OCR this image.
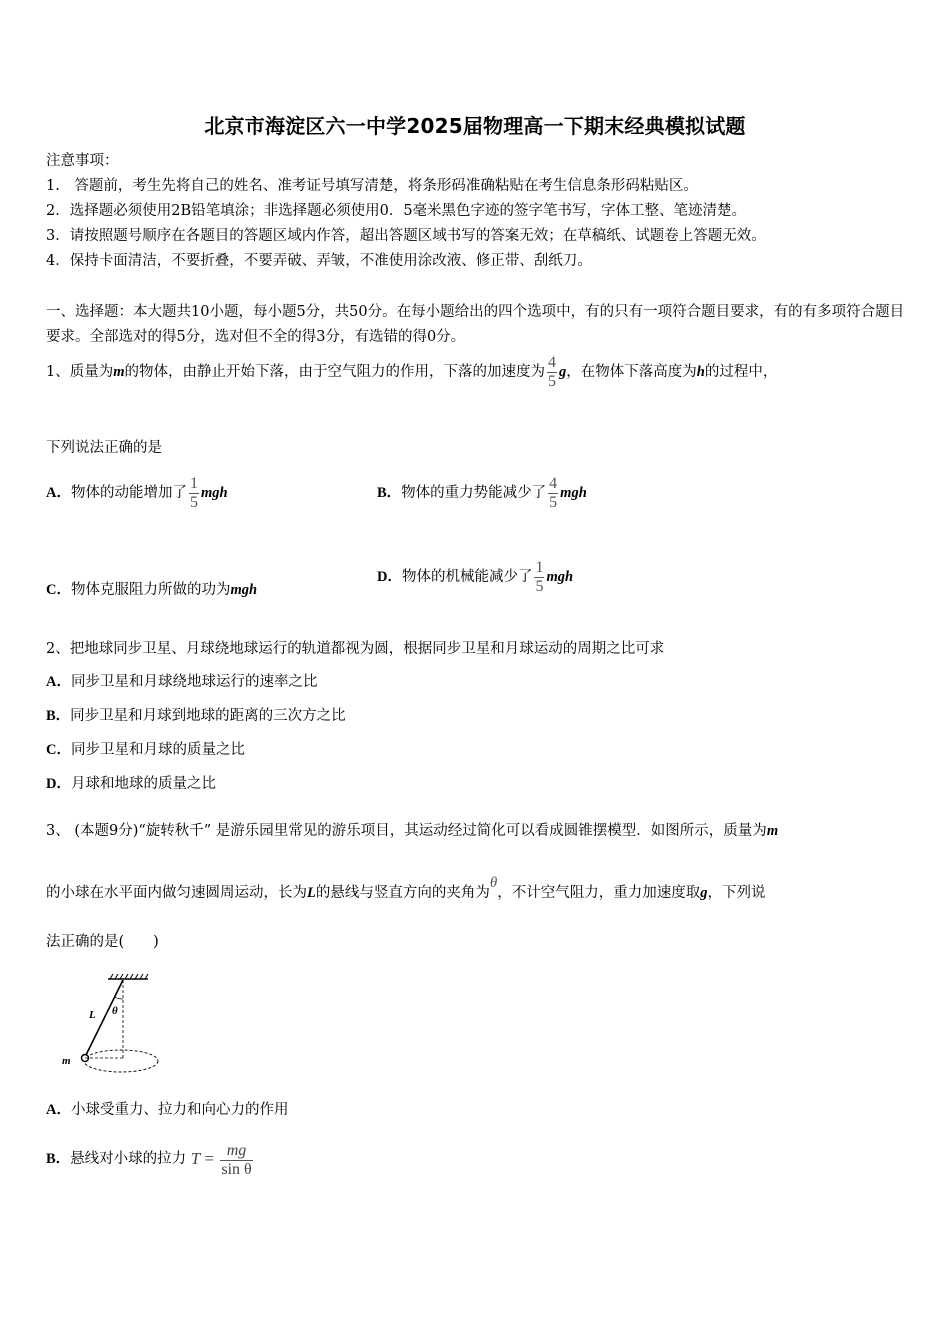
北京市海淀区六一中学2025届物理高一下期末经典模拟试题
注意事项：
1.　答题前，考生先将自己的姓名、准考证号填写清楚，将条形码准确粘贴在考生信息条形码粘贴区。
2．选择题必须使用2B铅笔填涂；非选择题必须使用0．5毫米黑色字迹的签字笔书写，字体工整、笔迹清楚。
3．请按照题号顺序在各题目的答题区域内作答，超出答题区域书写的答案无效；在草稿纸、试题卷上答题无效。
4．保持卡面清洁，不要折叠，不要弄破、弄皱，不准使用涂改液、修正带、刮纸刀。
一、选择题：本大题共10小题，每小题5分，共50分。在每小题给出的四个选项中，有的只有一项符合题目要求，有的有多项符合题目要求。全部选对的得5分，选对但不全的得3分，有选错的得0分。
1、质量为m的物体，由静止开始下落，由于空气阻力的作用，下落的加速度为 $\frac{4}{5}$ g，在物体下落高度为h的过程中，
下列说法正确的是
A．物体的动能增加了 $\frac{1}{5}$ mgh	B．物体的重力势能减少了 $\frac{4}{5}$ mgh
C．物体克服阻力所做的功为mgh
D．物体的机械能减少了 $\frac{1}{5}$ mgh
2、把地球同步卫星、月球绕地球运行的轨道都视为圆，根据同步卫星和月球运动的周期之比可求
A．同步卫星和月球绕地球运行的速率之比
B．同步卫星和月球到地球的距离的三次方之比
C．同步卫星和月球的质量之比
D．月球和地球的质量之比
3、 (本题9分)“旋转秋千” 是游乐园里常见的游乐项目，其运动经过简化可以看成圆锥摆模型．如图所示，质量为m
的小球在水平面内做匀速圆周运动，长为L的悬线与竖直方向的夹角为θ，不计空气阻力，重力加速度取g，下列说
法正确的是(　　)
L θ
m
A．小球受重力、拉力和向心力的作用
B．悬线对小球的拉力 $T = \frac{mg}{\text{sin θ}}$
